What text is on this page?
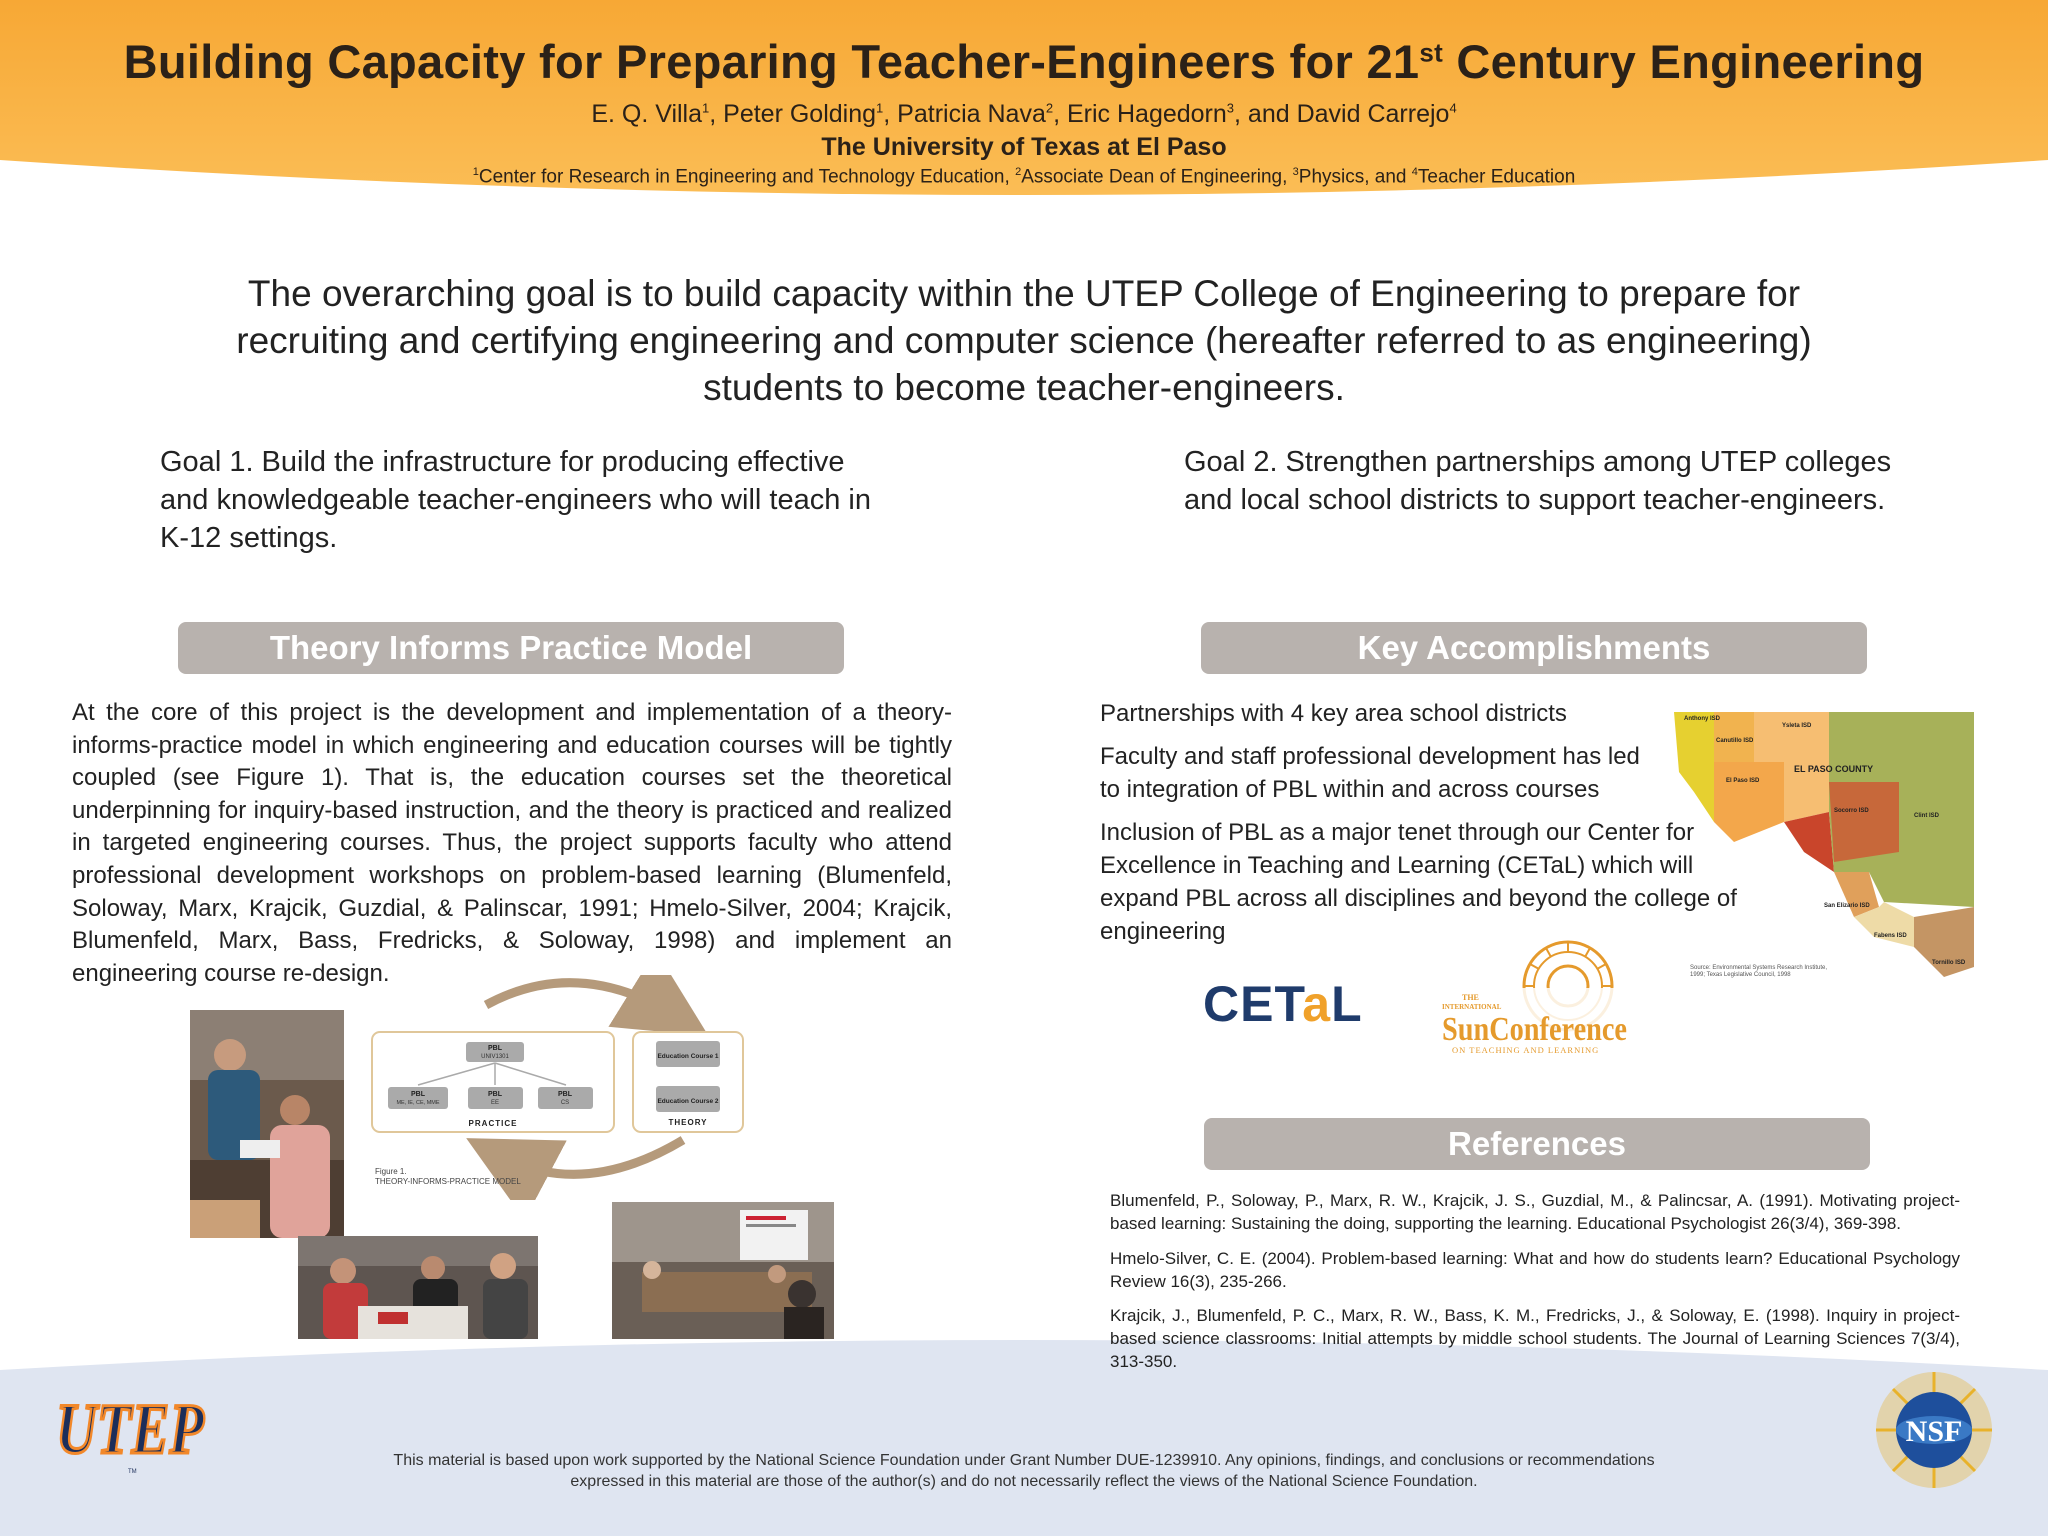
Building Capacity for Preparing Teacher-Engineers for 21st Century Engineering
E. Q. Villa$^1$, Peter Golding$^1$, Patricia Nava$^2$, Eric Hagedorn$^3$, and David Carrejo$^4$
The University of Texas at El Paso
$^1$Center for Research in Engineering and Technology Education, $^2$Associate Dean of Engineering, $^3$Physics, and $^4$Teacher Education
The overarching goal is to build capacity within the UTEP College of Engineering to prepare for recruiting and certifying engineering and computer science (hereafter referred to as engineering) students to become teacher-engineers.
Goal 1. Build the infrastructure for producing effective and knowledgeable teacher-engineers who will teach in K-12 settings.
Goal 2. Strengthen partnerships among UTEP colleges and local school districts to support teacher-engineers.
Theory Informs Practice Model	Key Accomplishments
References
At the core of this project is the development and implementation of a theory-informs-practice model in which engineering and education courses will be tightly coupled (see Figure 1). That is, the education courses set the theoretical underpinning for inquiry-based instruction, and the theory is practiced and realized in targeted engineering courses. Thus, the project supports faculty who attend professional development workshops on problem-based learning (Blumenfeld, Soloway, Marx, Krajcik, Guzdial, & Palinscar, 1991; Hmelo-Silver, 2004; Krajcik, Blumenfeld, Marx, Bass, Fredricks, & Soloway, 1998) and implement an engineering course re-design.
PBL
UNIV1301
PBL
ME, IE, CE, MME
PBL
EE
PBL
CS
PRACTICE
Education Course 1
Education Course 2
THEORY
Figure 1.
THEORY-INFORMS-PRACTICE MODEL
Partnerships with 4 key area school districts
Faculty and staff professional development has led to integration of PBL within and across courses
Inclusion of PBL as a major tenet through our Center for Excellence in Teaching and Learning (CETaL) which will expand PBL across all disciplines and beyond the college of engineering
CETaL	THE
INTERNATIONAL
SunConference
ON TEACHING AND LEARNING
EL PASO COUNTY
Anthony ISD
Canutillo ISD
El Paso ISD
Ysleta ISD
Socorro ISD
Clint ISD
San Elizario ISD
Fabens ISD
Tornillo ISD
Source: Environmental Systems Research Institute, 1999; Texas Legislative Council, 1998
Blumenfeld, P., Soloway, P., Marx, R. W., Krajcik, J. S., Guzdial, M., & Palincsar, A. (1991). Motivating project-based learning: Sustaining the doing, supporting the learning. Educational Psychologist 26(3/4), 369-398.
Hmelo-Silver, C. E. (2004). Problem-based learning: What and how do students learn? Educational Psychology Review 16(3), 235-266.
Krajcik, J., Blumenfeld, P. C., Marx, R. W., Bass, K. M., Fredricks, J., & Soloway, E. (1998). Inquiry in project-based science classrooms: Initial attempts by middle school students. The Journal of Learning Sciences 7(3/4), 313-350.
This material is based upon work supported by the National Science Foundation under Grant Number DUE-1239910. Any opinions, findings, and conclusions or recommendations
expressed in this material are those of the author(s) and do not necessarily reflect the views of the National Science Foundation.
UTEP
TM
NSF
